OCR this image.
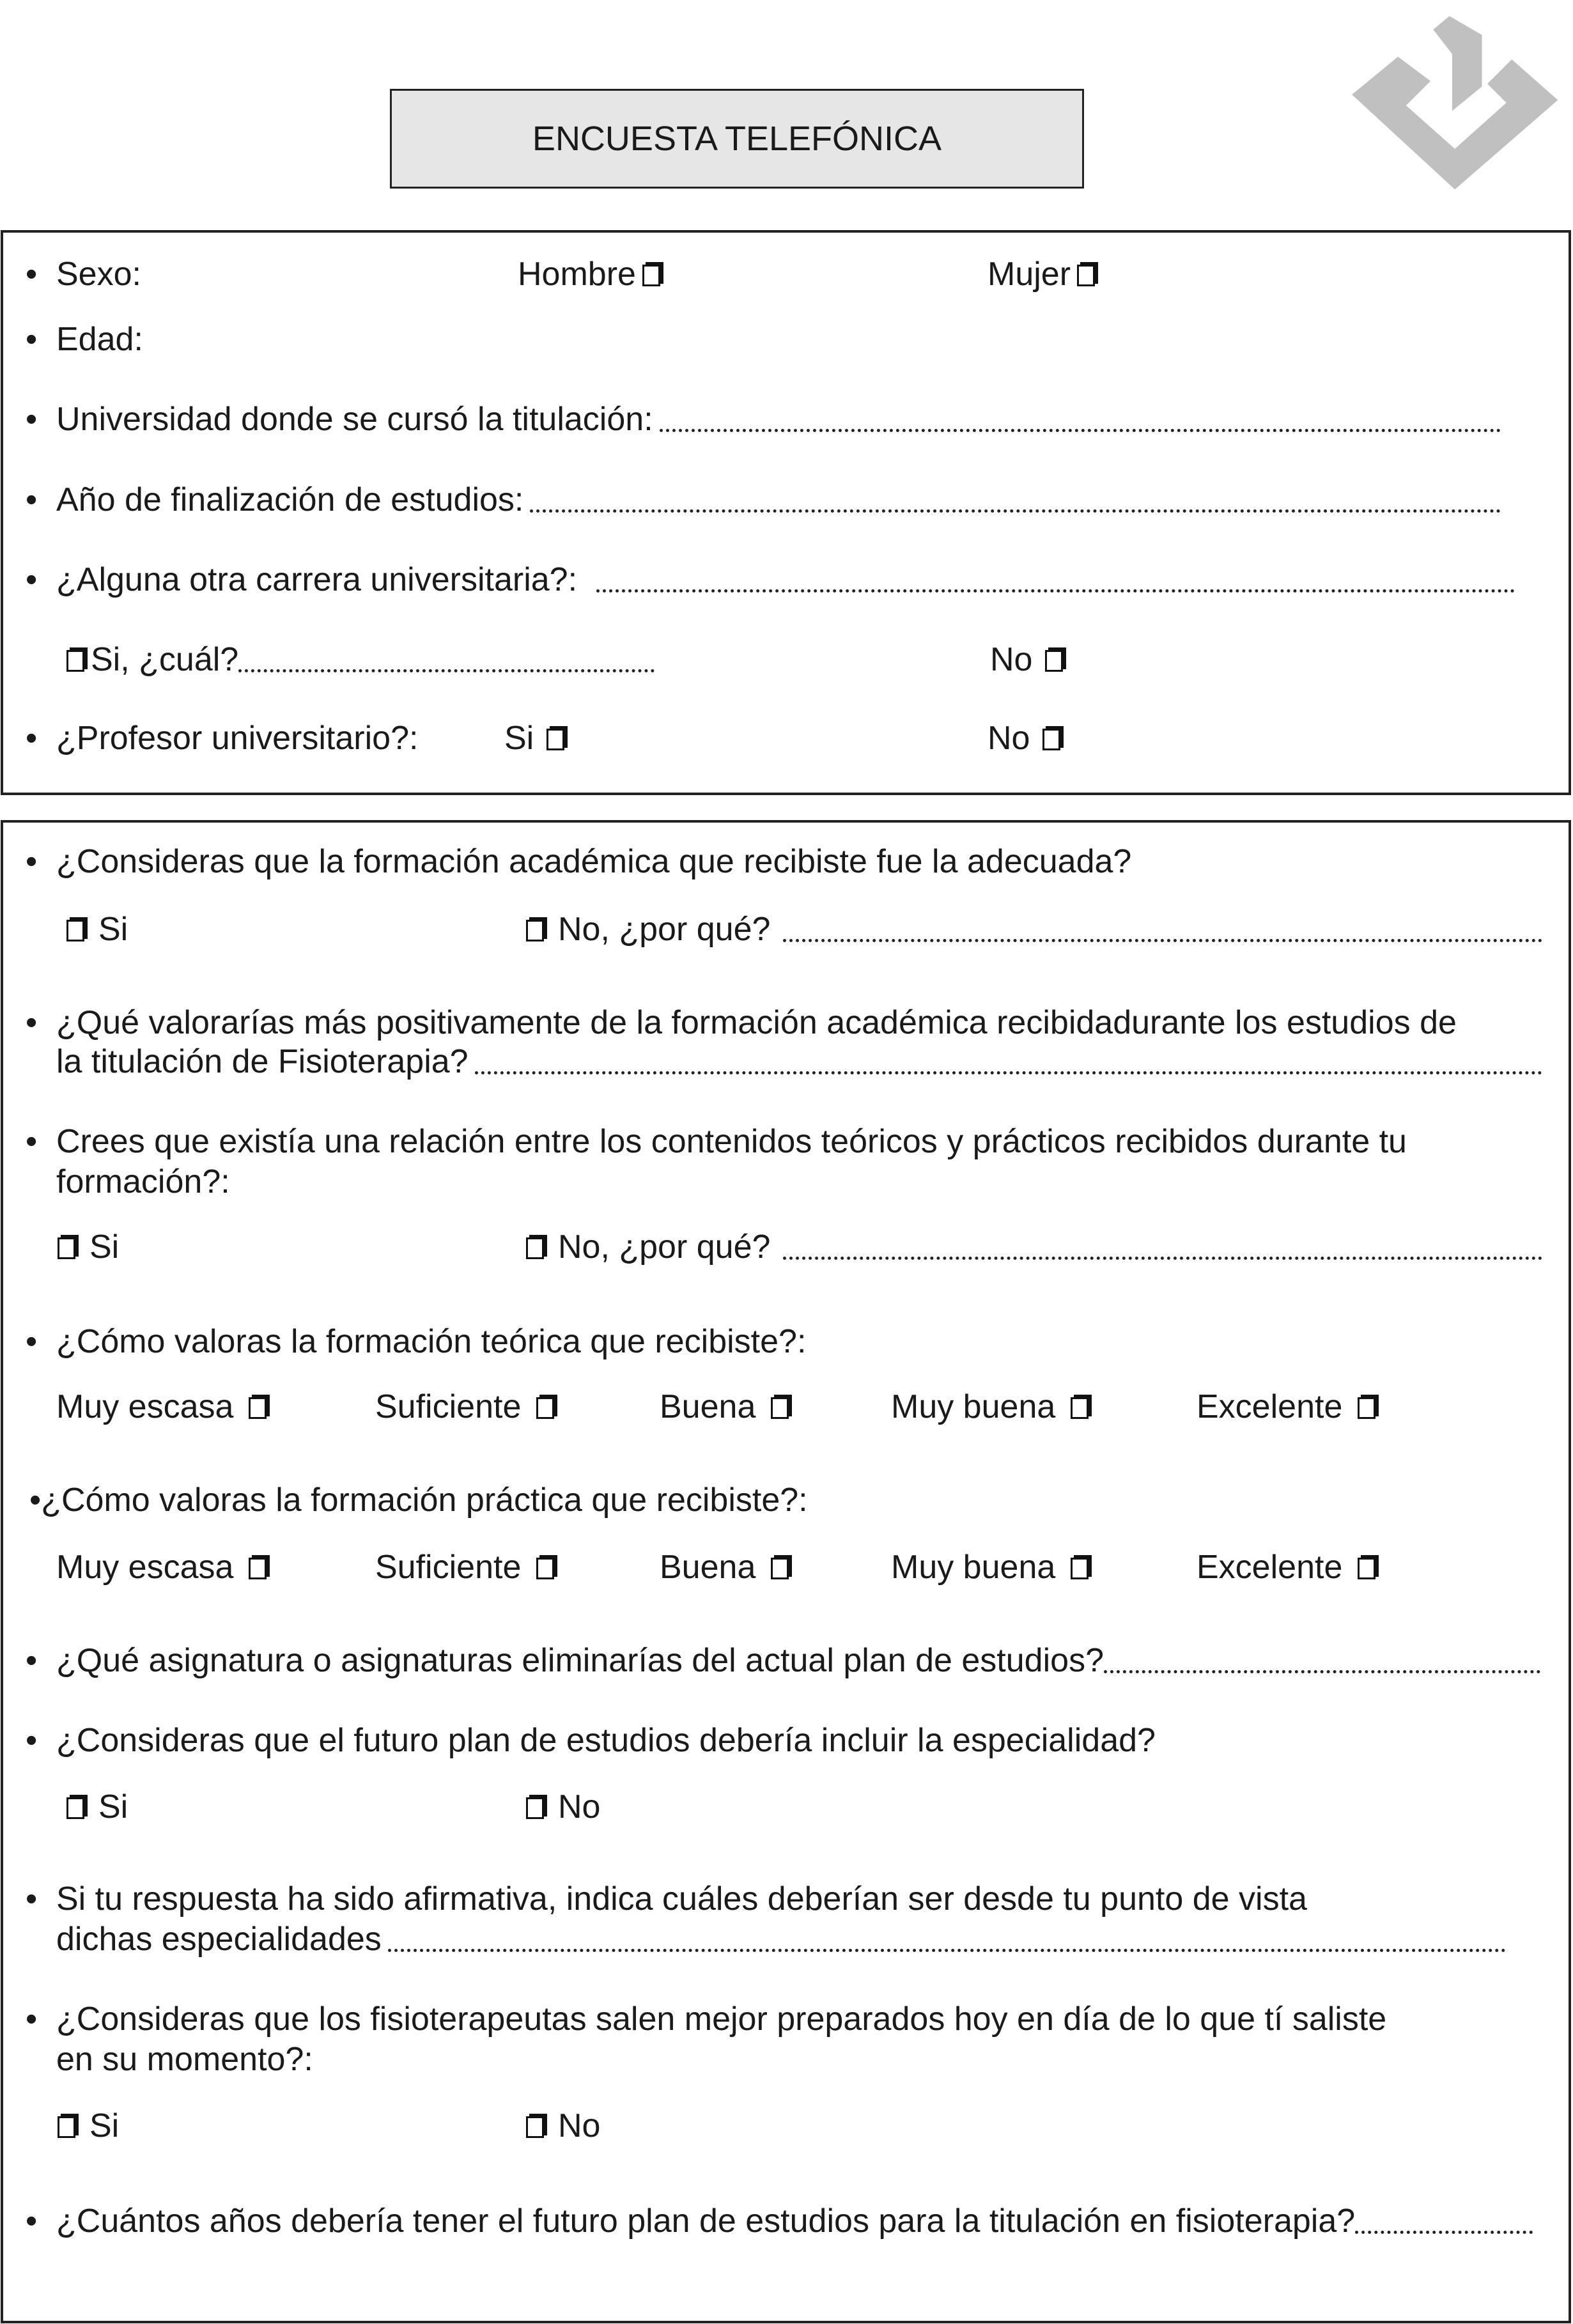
ENCUESTA TELEFÓNICA
• Sexo:	Hombre	Mujer
• Edad:
• Universidad donde se cursó la titulación:
• Año de finalización de estudios:
• ¿Alguna otra carrera universitaria?:
Si, ¿cuál?	No
• ¿Profesor universitario?:	Si	No
• ¿Consideras que la formación académica que recibiste fue la adecuada?
Si	No, ¿por qué?
• ¿Qué valorarías más positivamente de la formación académica recibidadurante los estudios de
la titulación de Fisioterapia?
• Crees que existía una relación entre los contenidos teóricos y prácticos recibidos durante tu
formación?:
Si	No, ¿por qué?
• ¿Cómo valoras la formación teórica que recibiste?:
Muy escasa	Suficiente	Buena	Muy buena	Excelente
• ¿Cómo valoras la formación práctica que recibiste?:
Muy escasa	Suficiente	Buena	Muy buena	Excelente
• ¿Qué asignatura o asignaturas eliminarías del actual plan de estudios?
• ¿Consideras que el futuro plan de estudios debería incluir la especialidad?
Si	No
• Si tu respuesta ha sido afirmativa, indica cuáles deberían ser desde tu punto de vista
dichas especialidades
• ¿Consideras que los fisioterapeutas salen mejor preparados hoy en día de lo que tí saliste
en su momento?:
Si	No
• ¿Cuántos años debería tener el futuro plan de estudios para la titulación en fisioterapia?
